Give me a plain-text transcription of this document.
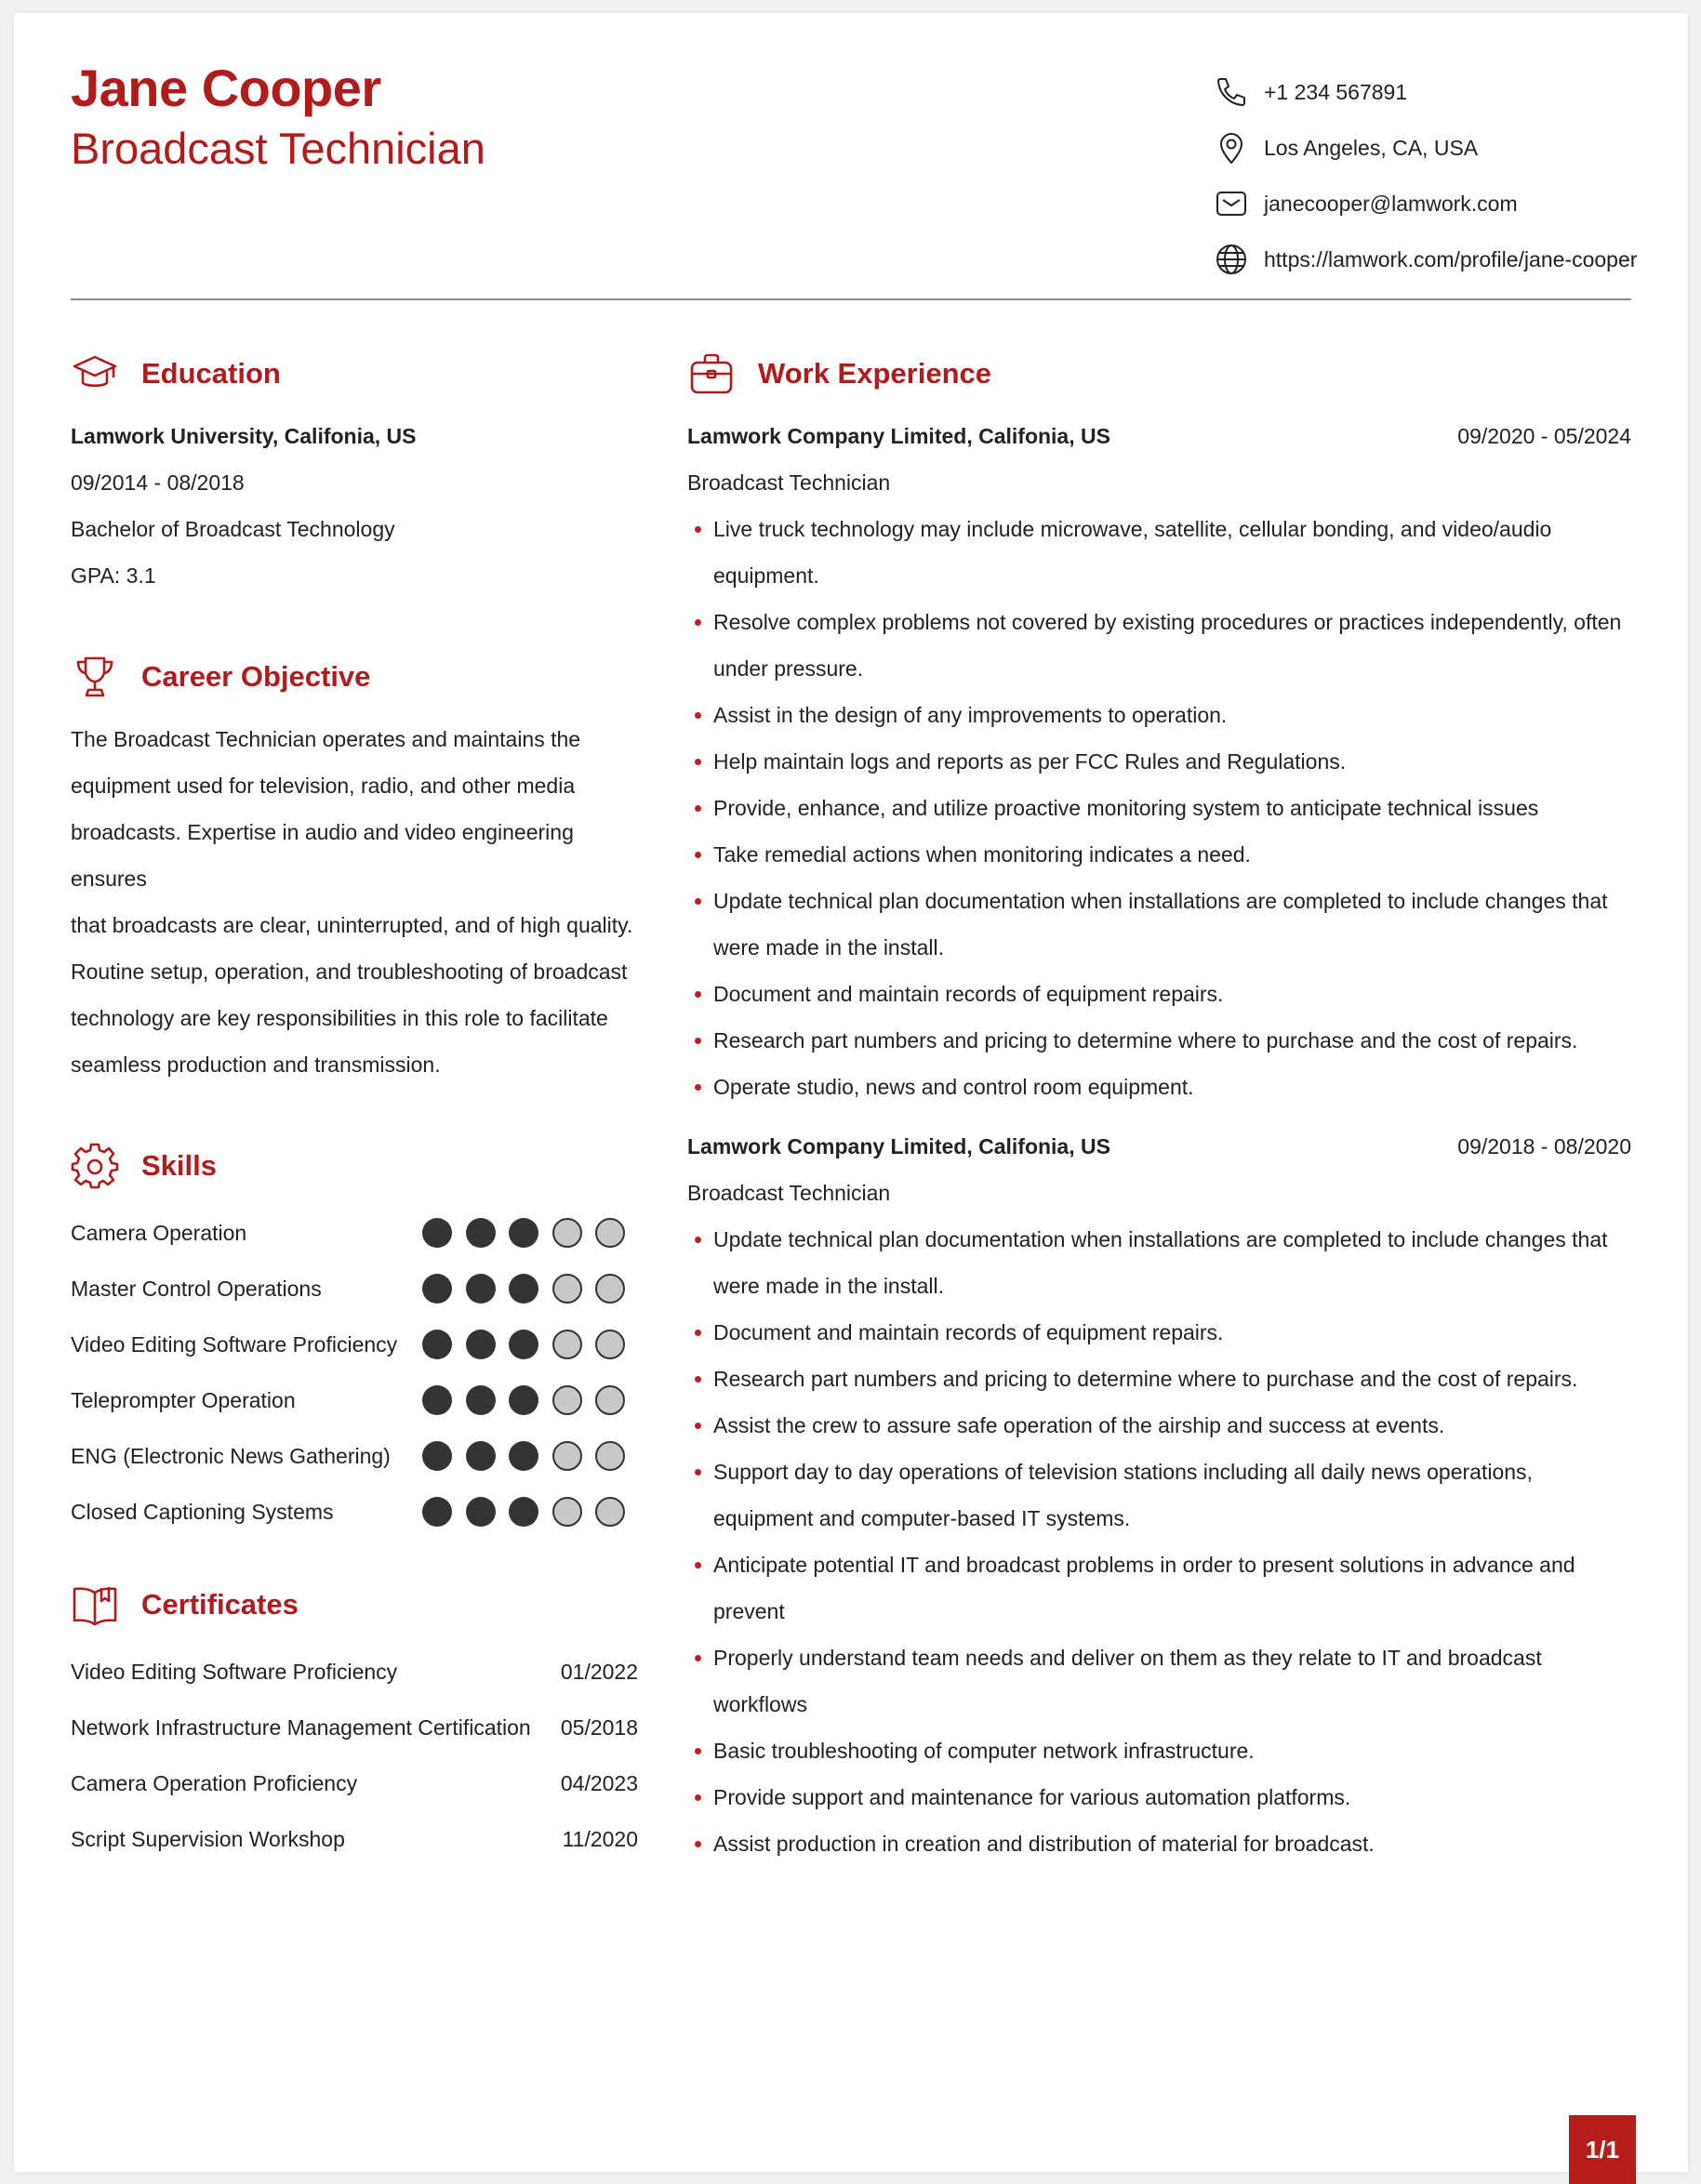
Jane Cooper
Broadcast Technician
+1 234 567891
Los Angeles, CA, USA
janecooper@lamwork.com
https://lamwork.com/profile/jane-cooper
Education
Lamwork University, Califonia, US
09/2014 - 08/2018
Bachelor of Broadcast Technology
GPA: 3.1
Career Objective

The Broadcast Technician operates and maintains the
equipment used for television, radio, and other media
broadcasts. Expertise in audio and video engineering ensures
that broadcasts are clear, uninterrupted, and of high quality.
Routine setup, operation, and troubleshooting of broadcast
technology are key responsibilities in this role to facilitate
seamless production and transmission.

Skills
Camera Operation
Master Control Operations
Video Editing Software Proficiency
Teleprompter Operation
ENG (Electronic News Gathering)
Closed Captioning Systems
Certificates
Video Editing Software Proficiency	01/2022
Network Infrastructure Management Certification 05/2018
Camera Operation Proficiency	04/2023
Script Supervision Workshop	11/2020
Work Experience
Lamwork Company Limited, Califonia, US	09/2020 - 05/2024
Broadcast Technician
Live truck technology may include microwave, satellite, cellular bonding, and video/audio equipment.
Resolve complex problems not covered by existing procedures or practices independently, often under pressure.
Assist in the design of any improvements to operation.
Help maintain logs and reports as per FCC Rules and Regulations.
Provide, enhance, and utilize proactive monitoring system to anticipate technical issues
Take remedial actions when monitoring indicates a need.
Update technical plan documentation when installations are completed to include changes that were made in the install.
Document and maintain records of equipment repairs.
Research part numbers and pricing to determine where to purchase and the cost of repairs.
Operate studio, news and control room equipment.
Lamwork Company Limited, Califonia, US	09/2018 - 08/2020
Broadcast Technician
Update technical plan documentation when installations are completed to include changes that were made in the install.
Document and maintain records of equipment repairs.
Research part numbers and pricing to determine where to purchase and the cost of repairs.
Assist the crew to assure safe operation of the airship and success at events.
Support day to day operations of television stations including all daily news operations, equipment and computer-based IT systems.
Anticipate potential IT and broadcast problems in order to present solutions in advance and prevent
Properly understand team needs and deliver on them as they relate to IT and broadcast workflows
Basic troubleshooting of computer network infrastructure.
Provide support and maintenance for various automation platforms.
Assist production in creation and distribution of material for broadcast.
1/1
